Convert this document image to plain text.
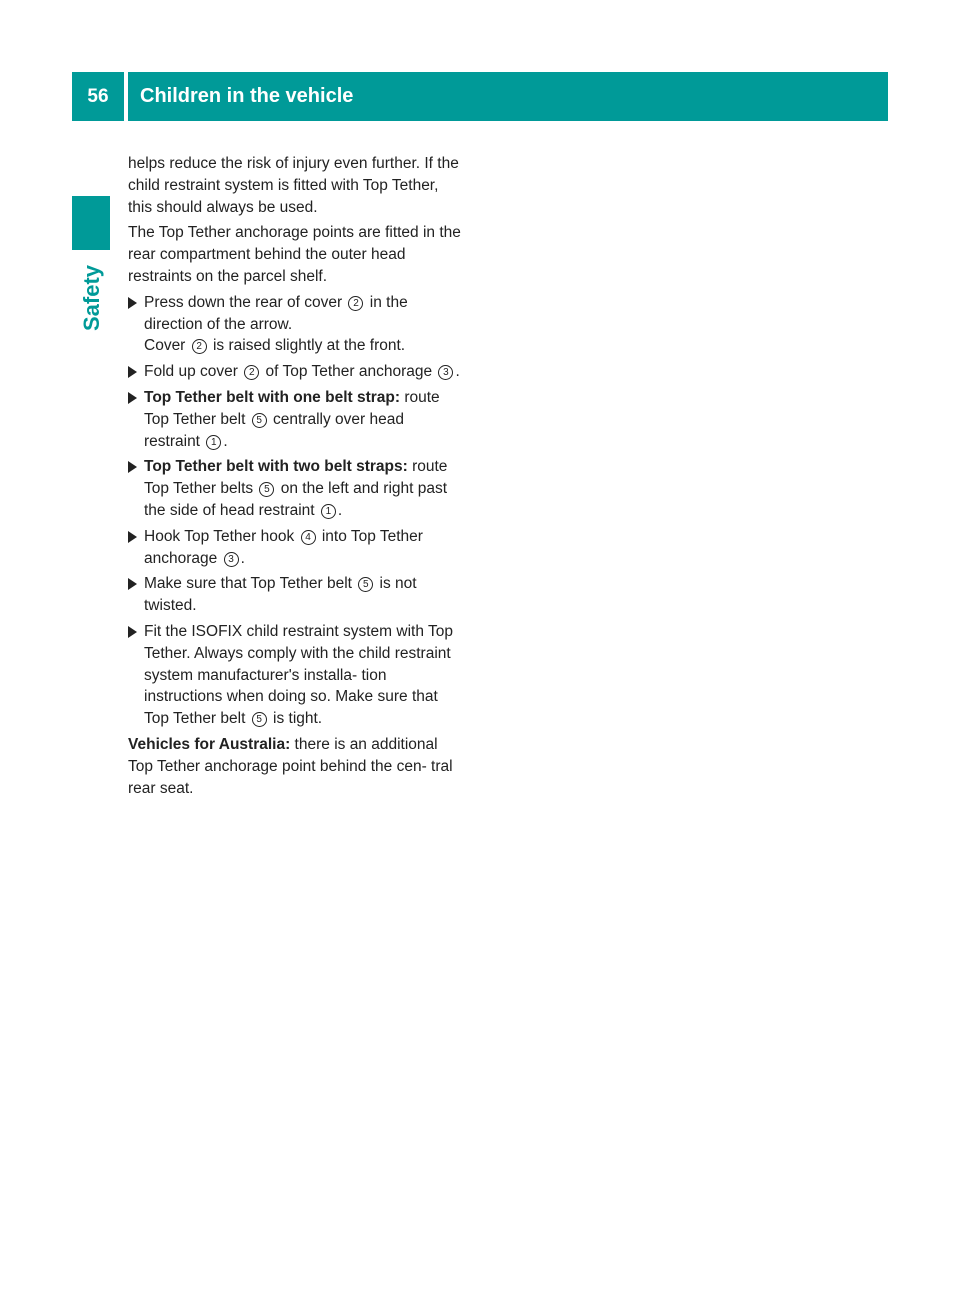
56	Children in the vehicle
Safety

helps reduce the risk of injury even further. If the child restraint system is fitted with Top Tether, this should always be used.

The Top Tether anchorage points are fitted in the rear compartment behind the outer head restraints on the parcel shelf.

Press down the rear of cover 2 in the direction of the arrow.
Cover 2 is raised slightly at the front.
Fold up cover 2 of Top Tether anchorage 3 .
Top Tether belt with one belt strap: route Top Tether belt 5 centrally over head restraint 1 .
Top Tether belt with two belt straps: route Top Tether belts 5 on the left and right past the side of head restraint 1 .
Hook Top Tether hook 4 into Top Tether anchorage 3 .
Make sure that Top Tether belt 5 is not twisted.
Fit the ISOFIX child restraint system with Top Tether. Always comply with the child restraint system manufacturer's installa- tion instructions when doing so. Make sure that Top Tether belt 5 is tight.

Vehicles for Australia: there is an additional Top Tether anchorage point behind the cen- tral rear seat.
